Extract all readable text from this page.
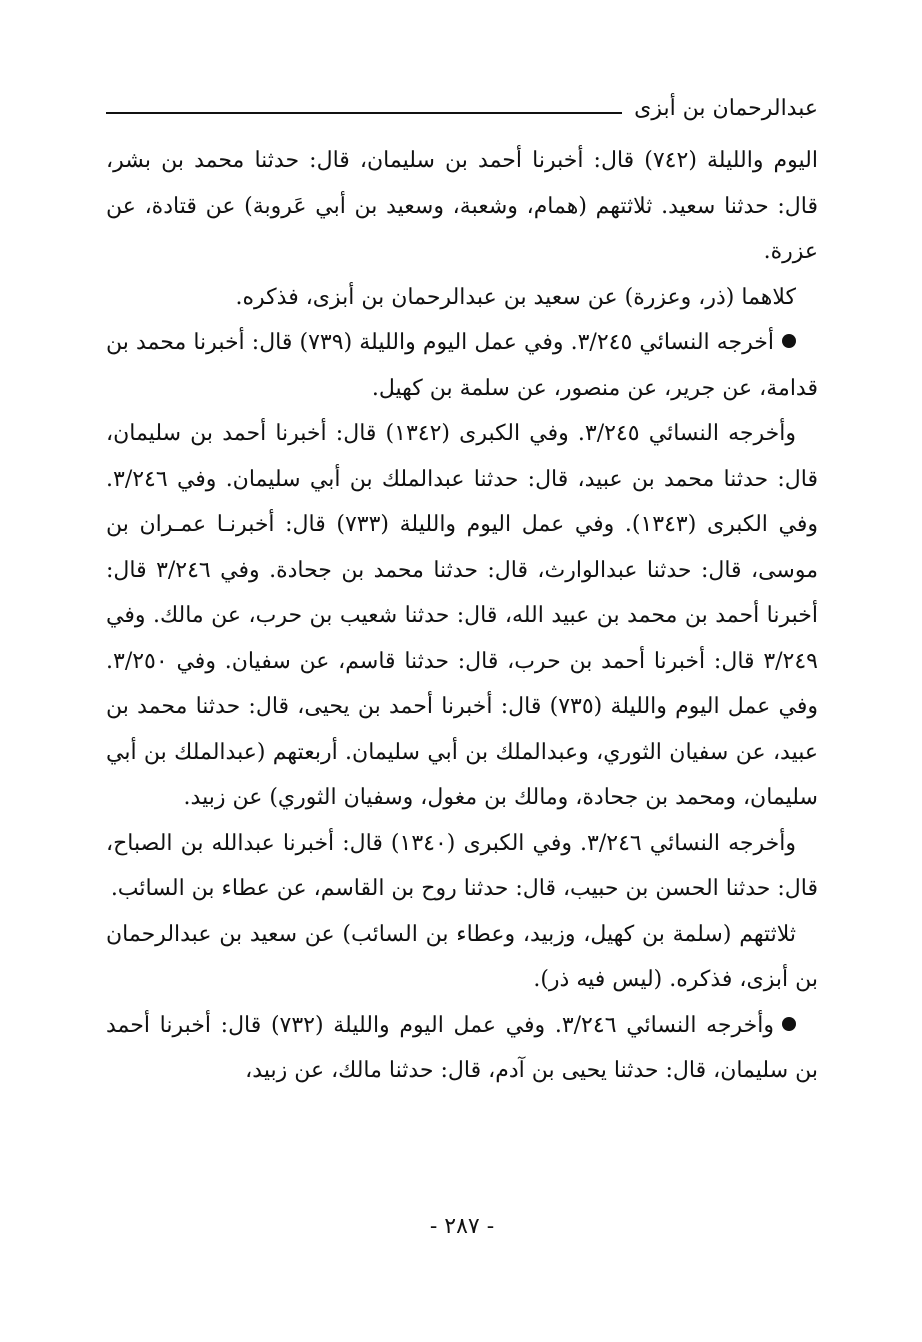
عبدالرحمان بن أبزى

اليوم والليلة (٧٤٢) قال: أخبرنا أحمد بن سليمان، قال: حدثنا محمد بن بشر، قال: حدثنا سعيد. ثلاثتهم (همام، وشعبة، وسعيد بن أبي عَروبة) عن قتادة، عن عزرة.

كلاهما (ذر، وعزرة) عن سعيد بن عبدالرحمان بن أبزى، فذكره.

أخرجه النسائي ٣/٢٤٥. وفي عمل اليوم والليلة (٧٣٩) قال: أخبرنا محمد بن قدامة، عن جرير، عن منصور، عن سلمة بن كهيل.

وأخرجه النسائي ٣/٢٤٥. وفي الكبرى (١٣٤٢) قال: أخبرنا أحمد بن سليمان، قال: حدثنا محمد بن عبيد، قال: حدثنا عبدالملك بن أبي سليمان. وفي ٣/٢٤٦. وفي الكبرى (١٣٤٣). وفي عمل اليوم والليلة (٧٣٣) قال: أخبرنـا عمـران بن موسى، قال: حدثنا عبدالوارث، قال: حدثنا محمد بن جحادة. وفي ٣/٢٤٦ قال: أخبرنا أحمد بن محمد بن عبيد الله، قال: حدثنا شعيب بن حرب، عن مالك. وفي ٣/٢٤٩ قال: أخبرنا أحمد بن حرب، قال: حدثنا قاسم، عن سفيان. وفي ٣/٢٥٠. وفي عمل اليوم والليلة (٧٣٥) قال: أخبرنا أحمد بن يحيى، قال: حدثنا محمد بن عبيد، عن سفيان الثوري، وعبدالملك بن أبي سليمان. أربعتهم (عبدالملك بن أبي سليمان، ومحمد بن جحادة، ومالك بن مغول، وسفيان الثوري) عن زبيد.

وأخرجه النسائي ٣/٢٤٦. وفي الكبرى (١٣٤٠) قال: أخبرنا عبدالله بن الصباح، قال: حدثنا الحسن بن حبيب، قال: حدثنا روح بن القاسم، عن عطاء بن السائب.

ثلاثتهم (سلمة بن كهيل، وزبيد، وعطاء بن السائب) عن سعيد بن عبدالرحمان بن أبزى، فذكره. (ليس فيه ذر).

وأخرجه النسائي ٣/٢٤٦. وفي عمل اليوم والليلة (٧٣٢) قال: أخبرنا أحمد بن سليمان، قال: حدثنا يحيى بن آدم، قال: حدثنا مالك، عن زبيد،

- ٢٨٧ -
